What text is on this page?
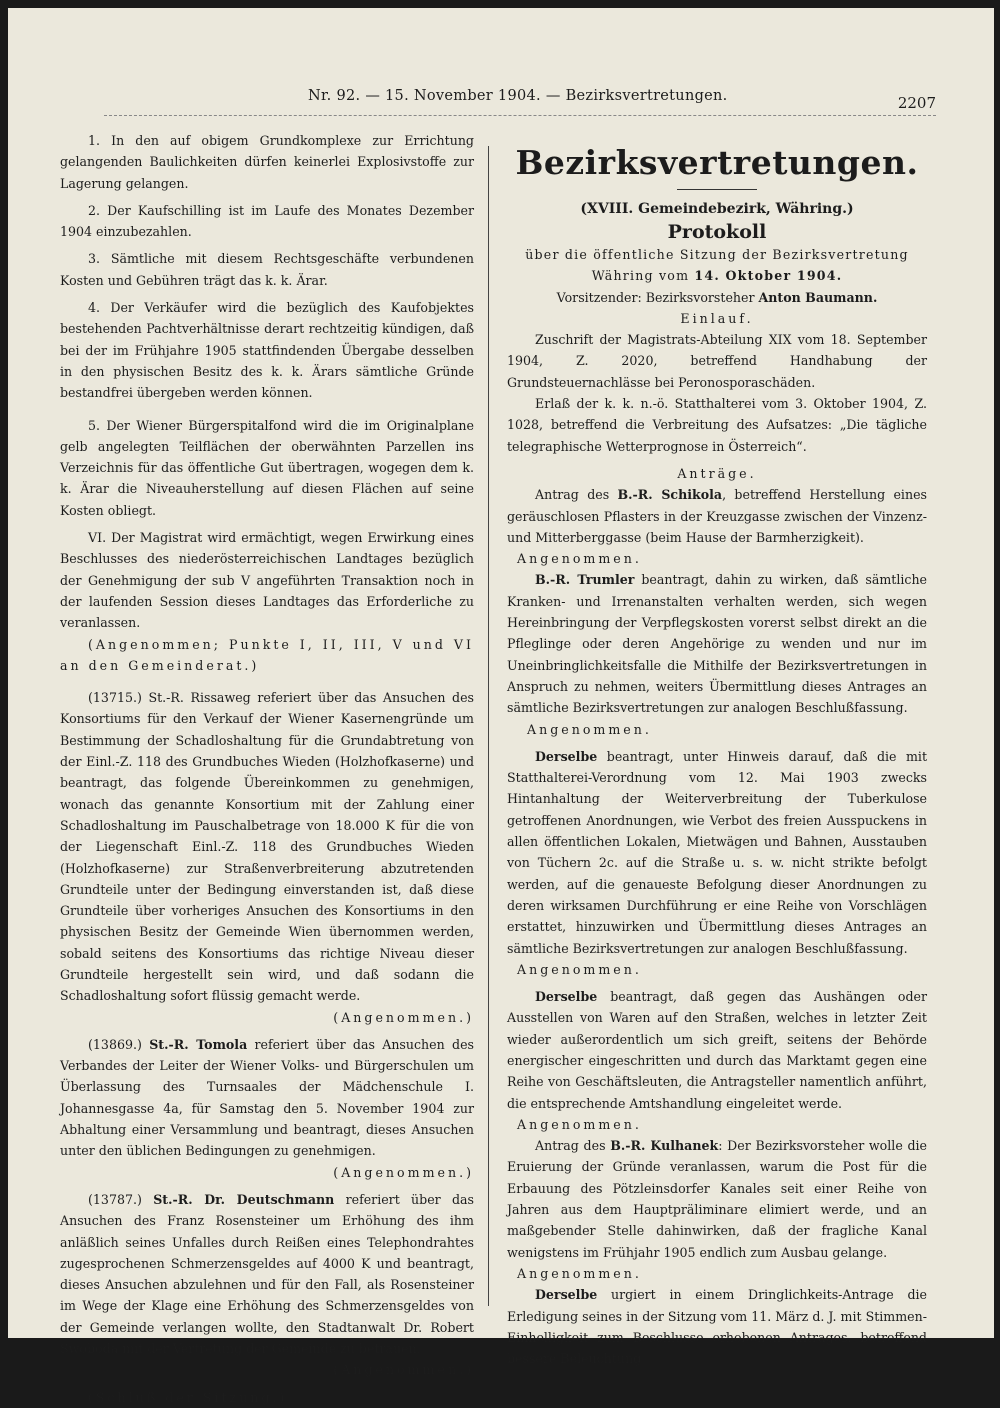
Nr. 92. — 15. November 1904. — Bezirksvertretungen.	2207

1. In den auf obigem Grundkomplexe zur Errichtung gelangenden Baulichkeiten dürfen keinerlei Explosivstoffe zur Lagerung gelangen.

2. Der Kaufschilling ist im Laufe des Monates Dezember 1904 einzubezahlen.

3. Sämtliche mit diesem Rechtsgeschäfte verbundenen Kosten und Gebühren trägt das k. k. Ärar.

4. Der Verkäufer wird die bezüglich des Kaufobjektes bestehenden Pachtverhältnisse derart rechtzeitig kündigen, daß bei der im Frühjahre 1905 stattfindenden Übergabe desselben in den physischen Besitz des k. k. Ärars sämtliche Gründe bestandfrei übergeben werden können.

5. Der Wiener Bürgerspitalfond wird die im Originalplane gelb angelegten Teilflächen der oberwähnten Parzellen ins Verzeichnis für das öffentliche Gut übertragen, wogegen dem k. k. Ärar die Niveauherstellung auf diesen Flächen auf seine Kosten obliegt.

VI. Der Magistrat wird ermächtigt, wegen Erwirkung eines Beschlusses des niederösterreichischen Landtages bezüglich der Genehmigung der sub V angeführten Transaktion noch in der laufenden Session dieses Landtages das Erforderliche zu veranlassen.

(Angenommen; Punkte I, II, III, V und VI an den Gemeinderat.)

(13715.) St.-R. Rissaweg referiert über das Ansuchen des Konsortiums für den Verkauf der Wiener Kasernengründe um Bestimmung der Schadloshaltung für die Grundabtretung von der Einl.-Z. 118 des Grundbuches Wieden (Holzhofkaserne) und beantragt, das folgende Übereinkommen zu genehmigen, wonach das genannte Konsortium mit der Zahlung einer Schadloshaltung im Pauschalbetrage von 18.000 K für die von der Liegenschaft Einl.-Z. 118 des Grundbuches Wieden (Holzhofkaserne) zur Straßenverbreiterung abzutretenden Grundteile unter der Bedingung einverstanden ist, daß diese Grundteile über vorheriges Ansuchen des Konsortiums in den physischen Besitz der Gemeinde Wien übernommen werden, sobald seitens des Konsortiums das richtige Niveau dieser Grundteile hergestellt sein wird, und daß sodann die Schadloshaltung sofort flüssig gemacht werde.

(Angenommen.)

(13869.) St.-R. Tomola referiert über das Ansuchen des Verbandes der Leiter der Wiener Volks- und Bürgerschulen um Überlassung des Turnsaales der Mädchenschule I. Johannesgasse 4a, für Samstag den 5. November 1904 zur Abhaltung einer Versammlung und beantragt, dieses Ansuchen unter den üblichen Bedingungen zu genehmigen.

(Angenommen.)

(13787.) St.-R. Dr. Deutschmann referiert über das Ansuchen des Franz Rosensteiner um Erhöhung des ihm anläßlich seines Unfalles durch Reißen eines Telephondrahtes zugesprochenen Schmerzensgeldes auf 4000 K und beantragt, dieses Ansuchen abzulehnen und für den Fall, als Rosensteiner im Wege der Klage eine Erhöhung des Schmerzensgeldes von der Gemeinde verlangen wollte, den Stadtanwalt Dr. Robert Swoboda mit der Vertretung der Gemeinde zu betrauen.

(Angenommen.)

(Schluß der Sitzung.)

Bezirksvertretungen.
(XVIII. Gemeindebezirk, Währing.)
Protokoll

über die öffentliche Sitzung der Bezirksvertretung

Währing vom 14. Oktober 1904.

Vorsitzender: Bezirksvorsteher Anton Baumann.

Einlauf.

Zuschrift der Magistrats-Abteilung XIX vom 18. September 1904, Z. 2020, betreffend Handhabung der Grundsteuernachlässe bei Peronosporaschäden.

Erlaß der k. k. n.-ö. Statthalterei vom 3. Oktober 1904, Z. 1028, betreffend die Verbreitung des Aufsatzes: „Die tägliche telegraphische Wetterprognose in Österreich“.

Anträge.

Antrag des B.-R. Schikola, betreffend Herstellung eines geräuschlosen Pflasters in der Kreuzgasse zwischen der Vinzenz- und Mitterberggasse (beim Hause der Barmherzigkeit).

Angenommen.

B.-R. Trumler beantragt, dahin zu wirken, daß sämtliche Kranken- und Irrenanstalten verhalten werden, sich wegen Hereinbringung der Verpflegskosten vorerst selbst direkt an die Pfleglinge oder deren Angehörige zu wenden und nur im Uneinbringlichkeitsfalle die Mithilfe der Bezirksvertretungen in Anspruch zu nehmen, weiters Übermittlung dieses Antrages an sämtliche Bezirksvertretungen zur analogen Beschlußfassung.

Angenommen.

Derselbe beantragt, unter Hinweis darauf, daß die mit Statthalterei-Verordnung vom 12. Mai 1903 zwecks Hintanhaltung der Weiterverbreitung der Tuberkulose getroffenen Anordnungen, wie Verbot des freien Ausspuckens in allen öffentlichen Lokalen, Mietwägen und Bahnen, Ausstauben von Tüchern 2c. auf die Straße u. s. w. nicht strikte befolgt werden, auf die genaueste Befolgung dieser Anordnungen zu deren wirksamen Durchführung er eine Reihe von Vorschlägen erstattet, hinzuwirken und Übermittlung dieses Antrages an sämtliche Bezirksvertretungen zur analogen Beschlußfassung.

Angenommen.

Derselbe beantragt, daß gegen das Aushängen oder Ausstellen von Waren auf den Straßen, welches in letzter Zeit wieder außerordentlich um sich greift, seitens der Behörde energischer eingeschritten und durch das Marktamt gegen eine Reihe von Geschäftsleuten, die Antragsteller namentlich anführt, die entsprechende Amtshandlung eingeleitet werde.

Angenommen.

Antrag des B.-R. Kulhanek: Der Bezirksvorsteher wolle die Eruierung der Gründe veranlassen, warum die Post für die Erbauung des Pötzleinsdorfer Kanales seit einer Reihe von Jahren aus dem Hauptpräliminare elimiert werde, und an maßgebender Stelle dahinwirken, daß der fragliche Kanal wenigstens im Frühjahr 1905 endlich zum Ausbau gelange.

Angenommen.

Derselbe urgiert in einem Dringlichkeits-Antrage die Erledigung seines in der Sitzung vom 11. März d. J. mit Stimmen-Einhelligkeit zum Beschlusse erhobenen Antrages, betreffend bessere Beleuchtung
